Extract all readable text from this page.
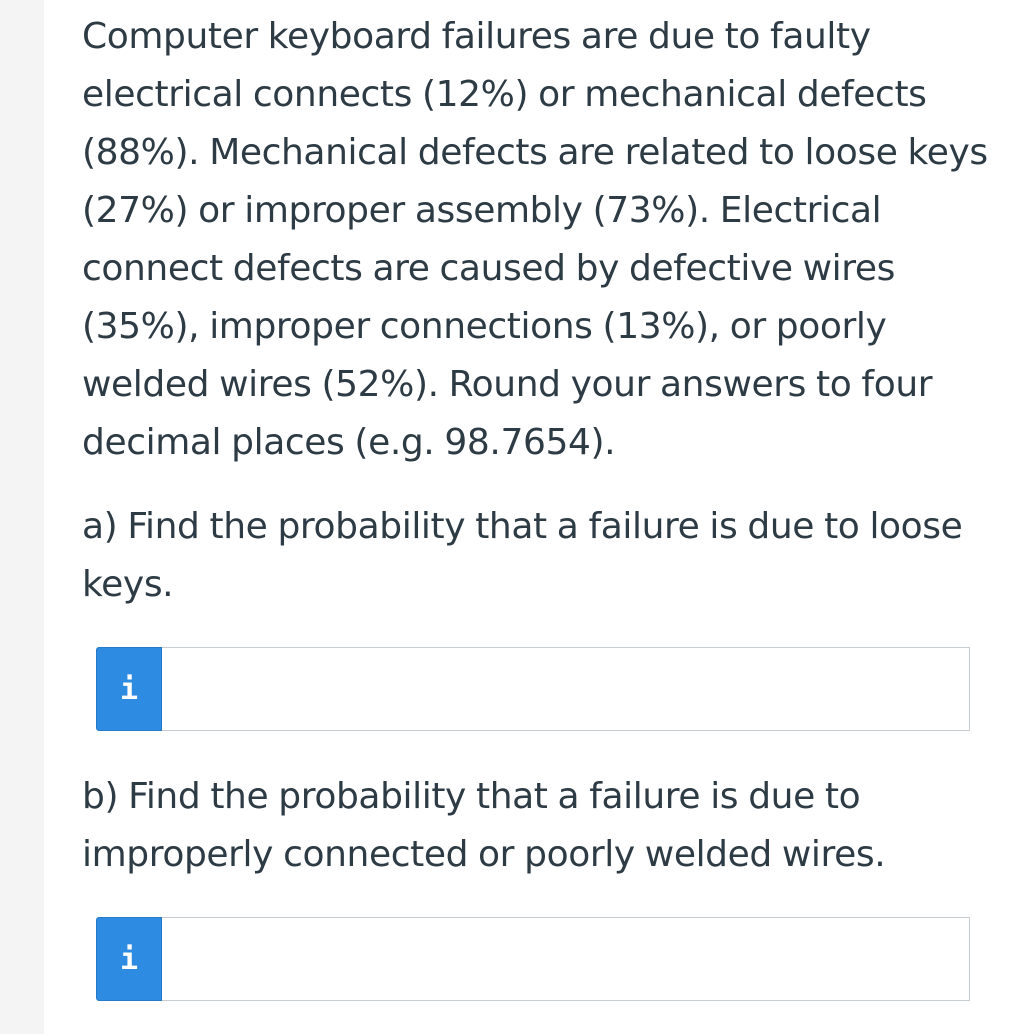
Computer keyboard failures are due to faulty electrical connects (12%) or mechanical defects (88%). Mechanical defects are related to loose keys (27%) or improper assembly (73%). Electrical connect defects are caused by defective wires (35%), improper connections (13%), or poorly welded wires (52%). Round your answers to four decimal places (e.g. 98.7654).

a) Find the probability that a failure is due to loose keys.

i

b) Find the probability that a failure is due to improperly connected or poorly welded wires.

i
